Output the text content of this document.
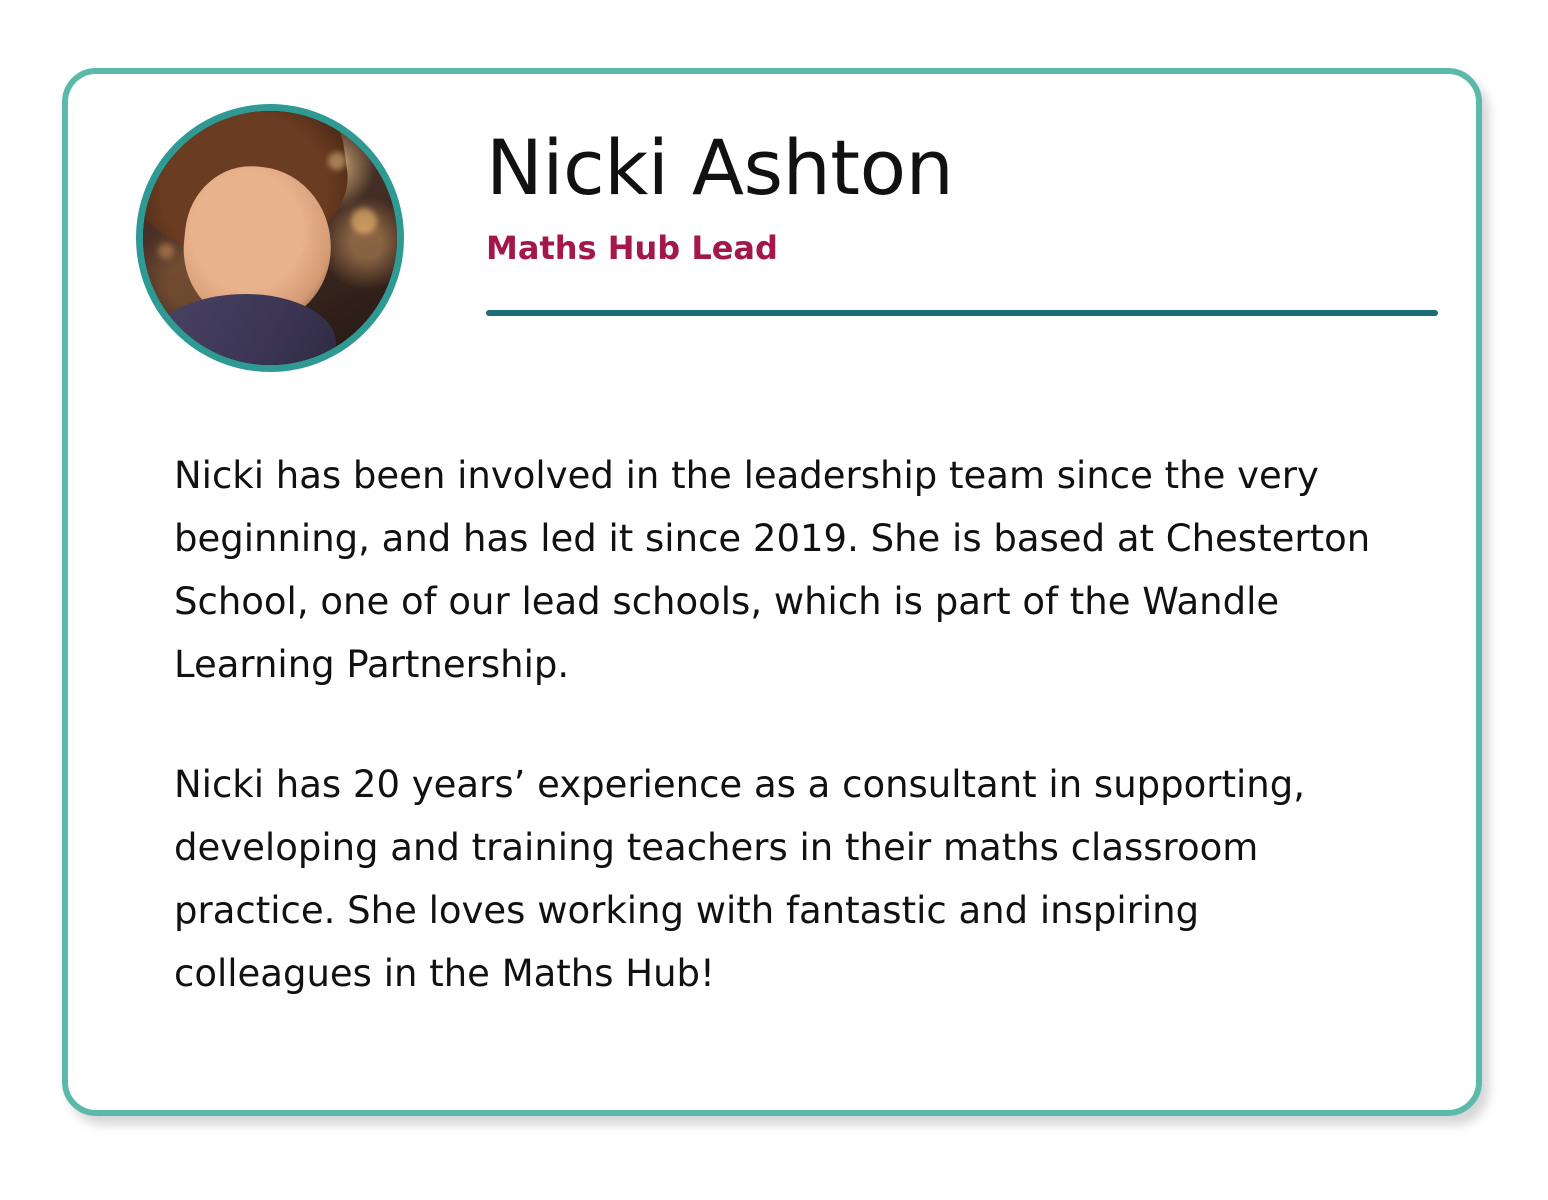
Nicki Ashton
Maths Hub Lead

Nicki has been involved in the leadership team since the very beginning, and has led it since 2019. She is based at Chesterton School, one of our lead schools, which is part of the Wandle Learning Partnership.

Nicki has 20 years’ experience as a consultant in supporting, developing and training teachers in their maths classroom practice. She loves working with fantastic and inspiring colleagues in the Maths Hub!
